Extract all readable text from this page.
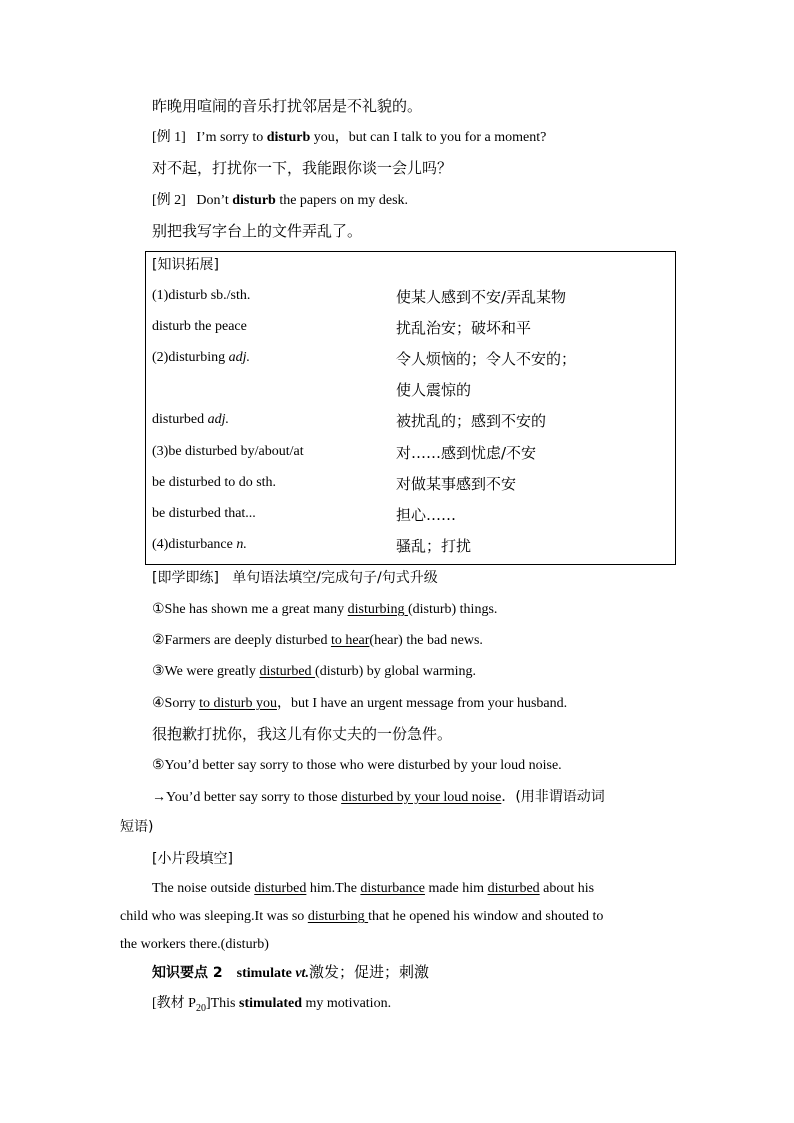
昨晚用喧闹的音乐打扰邻居是不礼貌的。
[例 1] I’m sorry to disturb you，but can I talk to you for a moment?
对不起，打扰你一下，我能跟你谈一会儿吗？
[例 2] Don’t disturb the papers on my desk.
别把我写字台上的文件弄乱了。
[知识拓展]
(1)disturb sb./sth.	使某人感到不安/弄乱某物
disturb the peace	扰乱治安；破坏和平
(2)disturbing adj.	令人烦恼的；令人不安的；
使人震惊的
disturbed adj.	被扰乱的；感到不安的
(3)be disturbed by/about/at	对……感到忧虑/不安
be disturbed to do sth.	对做某事感到不安
be disturbed that...	担心……
(4)disturbance n.	骚乱；打扰
[即学即练] 单句语法填空/完成句子/句式升级
①She has shown me a great many disturbing (disturb) things.
②Farmers are deeply disturbed to hear(hear) the bad news.
③We were greatly disturbed (disturb) by global warming.
④Sorry to disturb you，but I have an urgent message from your husband.
很抱歉打扰你，我这儿有你丈夫的一份急件。
⑤You’d better say sorry to those who were disturbed by your loud noise.
→You’d better say sorry to those disturbed by your loud noise．(用非谓语动词
短语)
[小片段填空]
The noise outside disturbed him.The disturbance made him disturbed about his
child who was sleeping.It was so disturbing that he opened his window and shouted to
the workers there.(disturb)
知识要点 2 stimulate vt.激发；促进；刺激
[教材 $P_{20}]This$ stimulated my motivation.
